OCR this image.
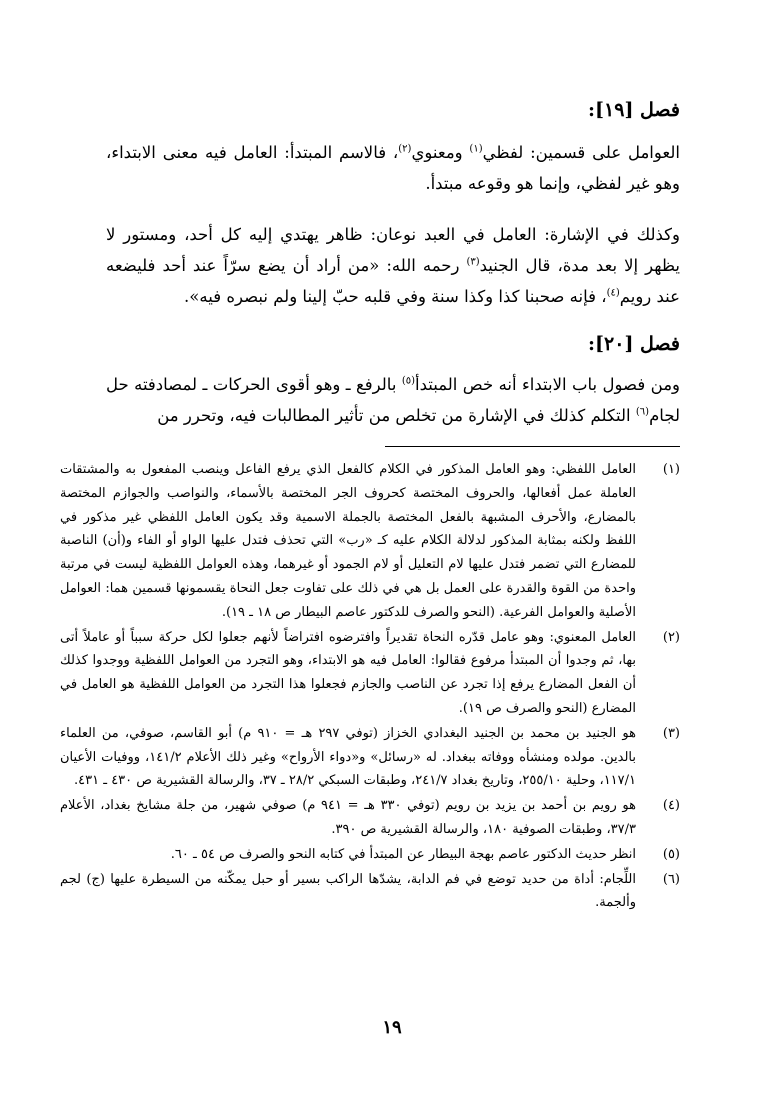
فصل [١٩]:

العوامل على قسمين: لفظي$^{(١)}$ ومعنوي$^{(٢)}$، فالاسم المبتدأ: العامل فيه معنى الابتداء، وهو غير لفظي، وإنما هو وقوعه مبتدأ.

وكذلك في الإشارة: العامل في العبد نوعان: ظاهر يهتدي إليه كل أحد، ومستور لا يظهر إلا بعد مدة، قال الجنيد$^{(٣)}$ رحمه الله: «من أراد أن يضع سرّاً عند أحد فليضعه عند رويم$^{(٤)}$، فإنه صحبنا كذا وكذا سنة وفي قلبه حبّ إلينا ولم نبصره فيه».

فصل [٢٠]:

ومن فصول باب الابتداء أنه خص المبتدأ$^{(٥)}$ بالرفع ـ وهو أقوى الحركات ـ لمصادفته حل لجام$^{(٦)}$ التكلم كذلك في الإشارة من تخلص من تأثير المطالبات فيه، وتحرر من

(١)
العامل اللفظي: وهو العامل المذكور في الكلام كالفعل الذي يرفع الفاعل وينصب المفعول به والمشتقات العاملة عمل أفعالها، والحروف المختصة كحروف الجر المختصة بالأسماء، والنواصب والجوازم المختصة بالمضارع، والأحرف المشبهة بالفعل المختصة بالجملة الاسمية وقد يكون العامل اللفظي غير مذكور في اللفظ ولكنه بمثابة المذكور لدلالة الكلام عليه كـ «رب» التي تحذف فتدل عليها الواو أو الفاء و(أن) الناصبة للمضارع التي تضمر فتدل عليها لام التعليل أو لام الجمود أو غيرهما، وهذه العوامل اللفظية ليست في مرتبة واحدة من القوة والقدرة على العمل بل هي في ذلك على تفاوت جعل النحاة يقسمونها قسمين هما: العوامل الأصلية والعوامل الفرعية. (النحو والصرف للدكتور عاصم البيطار ص ١٨ ـ ١٩).
(٢)
العامل المعنوي: وهو عامل قدّره النحاة تقديراً وافترضوه افتراضاً لأنهم جعلوا لكل حركة سبباً أو عاملاً أتى بها، ثم وجدوا أن المبتدأ مرفوع فقالوا: العامل فيه هو الابتداء، وهو التجرد من العوامل اللفظية ووجدوا كذلك أن الفعل المضارع يرفع إذا تجرد عن الناصب والجازم فجعلوا هذا التجرد من العوامل اللفظية هو العامل في المضارع (النحو والصرف ص ١٩).
(٣)
هو الجنيد بن محمد بن الجنيد البغدادي الخزاز (توفي ٢٩٧ هـ = ٩١٠ م) أبو القاسم، صوفي، من العلماء بالدين. مولده ومنشأه ووفاته ببغداد. له «رسائل» و«دواء الأرواح» وغير ذلك الأعلام ١٤١/٢، ووفيات الأعيان ١١٧/١، وحلية ٢٥٥/١٠، وتاريخ بغداد ٢٤١/٧، وطبقات السبكي ٢٨/٢ ـ ٣٧، والرسالة القشيرية ص ٤٣٠ ـ ٤٣١.
(٤)
هو رويم بن أحمد بن يزيد بن رويم (توفي ٣٣٠ هـ = ٩٤١ م) صوفي شهير، من جلة مشايخ بغداد، الأعلام ٣٧/٣، وطبقات الصوفية ١٨٠، والرسالة القشيرية ص ٣٩٠.
(٥)
انظر حديث الدكتور عاصم بهجة البيطار عن المبتدأ في كتابه النحو والصرف ص ٥٤ ـ ٦٠.
(٦)
اللِّجام: أداة من حديد توضع في فم الدابة، يشدّها الراكب بسير أو حبل يمكّنه من السيطرة عليها (ج) لجم وألجمة.
١٩
